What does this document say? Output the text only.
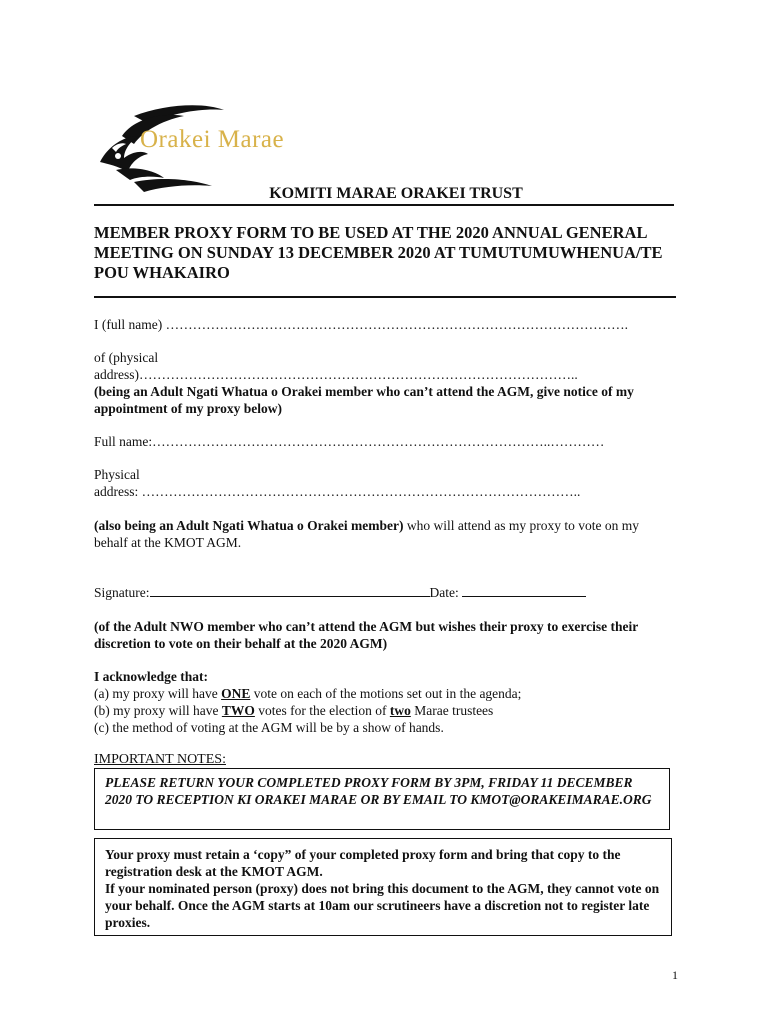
Orakei Marae
KOMITI MARAE ORAKEI TRUST
MEMBER PROXY FORM TO BE USED AT THE 2020 ANNUAL GENERAL MEETING ON SUNDAY 13 DECEMBER 2020 AT TUMUTUMUWHENUA/TE POU WHAKAIRO
I (full name) ………………………………………………………………………………………….
of (physical
address)……………………………………………………………………………………..
(being an Adult Ngati Whatua o Orakei member who can’t attend the AGM, give notice of my appointment of my proxy below)
Full name:……………………………………………………………………………..…………
Physical
address: ……………………………………………………………………………………..
(also being an Adult Ngati Whatua o Orakei member) who will attend as my proxy to vote on my behalf at the KMOT AGM.
Signature:	Date:
(of the Adult NWO member who can’t attend the AGM but wishes their proxy to exercise their discretion to vote on their behalf at the 2020 AGM)
I acknowledge that:
(a) my proxy will have ONE vote on each of the motions set out in the agenda;
(b) my proxy will have TWO votes for the election of two Marae trustees
(c) the method of voting at the AGM will be by a show of hands.
IMPORTANT NOTES:
PLEASE RETURN YOUR COMPLETED PROXY FORM BY 3PM, FRIDAY 11 DECEMBER 2020 TO RECEPTION KI ORAKEI MARAE OR BY EMAIL TO KMOT@ORAKEIMARAE.ORG
Your proxy must retain a ‘copy” of your completed proxy form and bring that copy to the registration desk at the KMOT AGM.
If your nominated person (proxy) does not bring this document to the AGM, they cannot vote on your behalf. Once the AGM starts at 10am our scrutineers have a discretion not to register late proxies.
1
